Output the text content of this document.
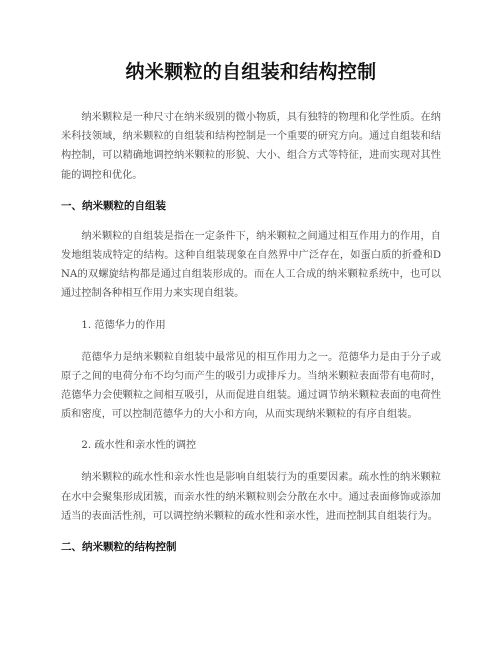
纳米颗粒的自组装和结构控制

纳米颗粒是一种尺寸在纳米级别的微小物质，具有独特的物理和化学性质。在纳米科技领域，纳米颗粒的自组装和结构控制是一个重要的研究方向。通过自组装和结构控制，可以精确地调控纳米颗粒的形貌、大小、组合方式等特征，进而实现对其性能的调控和优化。

一、纳米颗粒的自组装

纳米颗粒的自组装是指在一定条件下，纳米颗粒之间通过相互作用力的作用，自发地组装成特定的结构。这种自组装现象在自然界中广泛存在，如蛋白质的折叠和DNA的双螺旋结构都是通过自组装形成的。而在人工合成的纳米颗粒系统中，也可以通过控制各种相互作用力来实现自组装。

1. 范德华力的作用

范德华力是纳米颗粒自组装中最常见的相互作用力之一。范德华力是由于分子或原子之间的电荷分布不均匀而产生的吸引力或排斥力。当纳米颗粒表面带有电荷时，范德华力会使颗粒之间相互吸引，从而促进自组装。通过调节纳米颗粒表面的电荷性质和密度，可以控制范德华力的大小和方向，从而实现纳米颗粒的有序自组装。

2. 疏水性和亲水性的调控

纳米颗粒的疏水性和亲水性也是影响自组装行为的重要因素。疏水性的纳米颗粒在水中会聚集形成团簇，而亲水性的纳米颗粒则会分散在水中。通过表面修饰或添加适当的表面活性剂，可以调控纳米颗粒的疏水性和亲水性，进而控制其自组装行为。

二、纳米颗粒的结构控制
